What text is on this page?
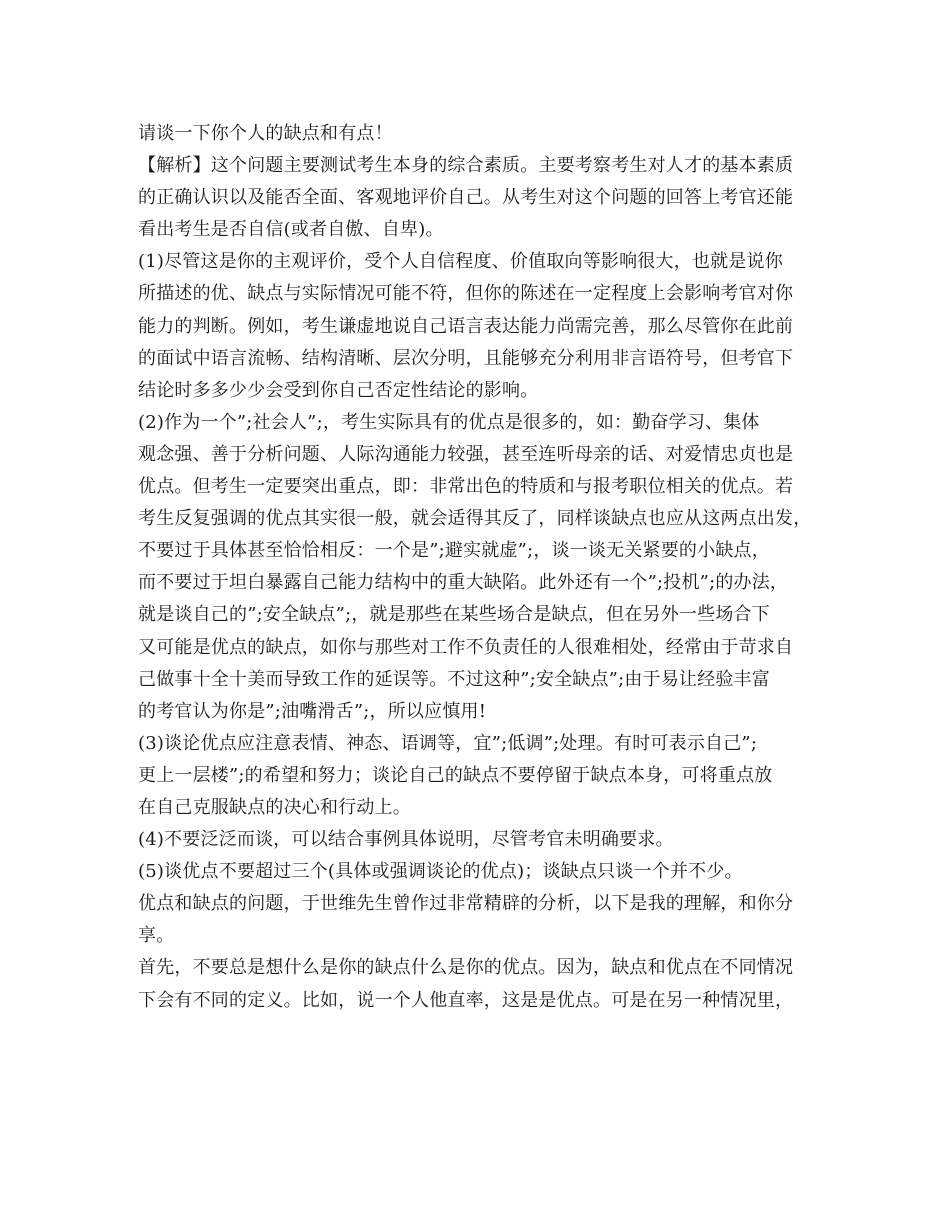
请谈一下你个人的缺点和有点！
【解析】这个问题主要测试考生本身的综合素质。主要考察考生对人才的基本素质
的正确认识以及能否全面、客观地评价自己。从考生对这个问题的回答上考官还能
看出考生是否自信(或者自傲、自卑)。
(1)尽管这是你的主观评价，受个人自信程度、价值取向等影响很大，也就是说你
所描述的优、缺点与实际情况可能不符，但你的陈述在一定程度上会影响考官对你
能力的判断。例如，考生谦虚地说自己语言表达能力尚需完善，那么尽管你在此前
的面试中语言流畅、结构清晰、层次分明，且能够充分利用非言语符号，但考官下
结论时多多少少会受到你自己否定性结论的影响。
(2)作为一个”;社会人”;，考生实际具有的优点是很多的，如：勤奋学习、集体
观念强、善于分析问题、人际沟通能力较强，甚至连听母亲的话、对爱情忠贞也是
优点。但考生一定要突出重点，即：非常出色的特质和与报考职位相关的优点。若
考生反复强调的优点其实很一般，就会适得其反了，同样谈缺点也应从这两点出发，
不要过于具体甚至恰恰相反：一个是”;避实就虚”;，谈一谈无关紧要的小缺点，
而不要过于坦白暴露自己能力结构中的重大缺陷。此外还有一个”;投机”;的办法，
就是谈自己的”;安全缺点”;，就是那些在某些场合是缺点，但在另外一些场合下
又可能是优点的缺点，如你与那些对工作不负责任的人很难相处，经常由于苛求自
己做事十全十美而导致工作的延误等。不过这种”;安全缺点”;由于易让经验丰富
的考官认为你是”;油嘴滑舌”;，所以应慎用!
(3)谈论优点应注意表情、神态、语调等，宜”;低调”;处理。有时可表示自己”;
更上一层楼”;的希望和努力；谈论自己的缺点不要停留于缺点本身，可将重点放
在自己克服缺点的决心和行动上。
(4)不要泛泛而谈，可以结合事例具体说明，尽管考官未明确要求。
(5)谈优点不要超过三个(具体或强调谈论的优点)；谈缺点只谈一个并不少。
优点和缺点的问题，于世维先生曾作过非常精辟的分析，以下是我的理解，和你分
享。
首先，不要总是想什么是你的缺点什么是你的优点。因为，缺点和优点在不同情况
下会有不同的定义。比如，说一个人他直率，这是是优点。可是在另一种情况里，
